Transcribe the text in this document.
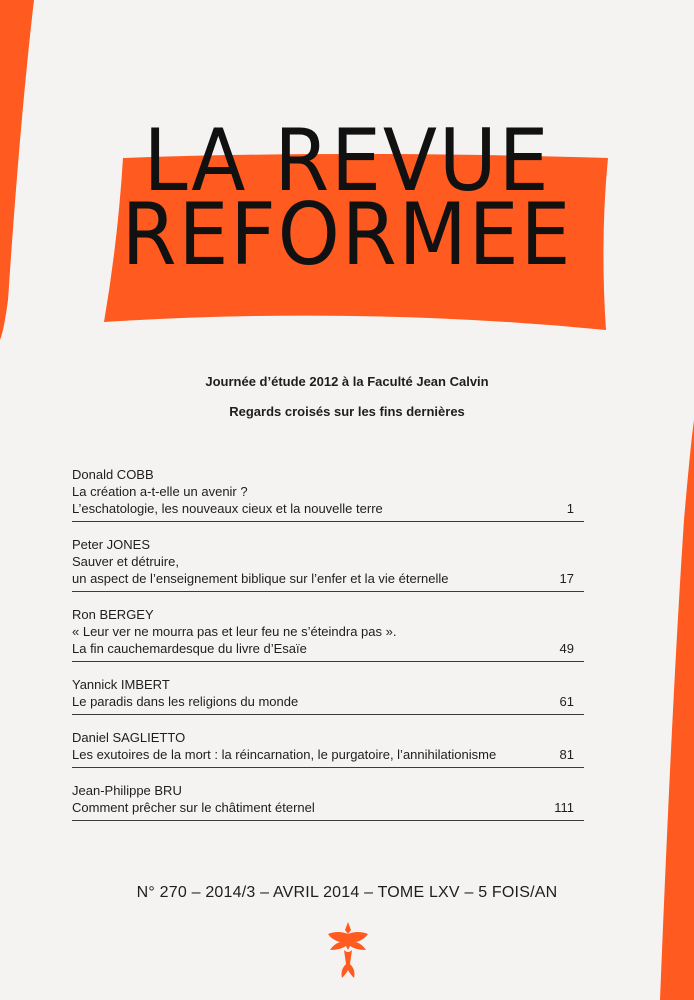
LA REVUE
REFORMEE
Journée d’étude 2012 à la Faculté Jean Calvin
Regards croisés sur les fins dernières
Donald COBB
La création a-t-elle un avenir ?
L’eschatologie, les nouveaux cieux et la nouvelle terre	1
Peter JONES
Sauver et détruire,
un aspect de l’enseignement biblique sur l’enfer et la vie éternelle	17
Ron BERGEY
« Leur ver ne mourra pas et leur feu ne s’éteindra pas ».
La fin cauchemardesque du livre d’Esaïe	49
Yannick IMBERT
Le paradis dans les religions du monde	61
Daniel SAGLIETTO
Les exutoires de la mort : la réincarnation, le purgatoire, l’annihilationisme	81
Jean-Philippe BRU
Comment prêcher sur le châtiment éternel	111
N° 270 – 2014/3 – AVRIL 2014 – TOME LXV – 5 FOIS/AN
